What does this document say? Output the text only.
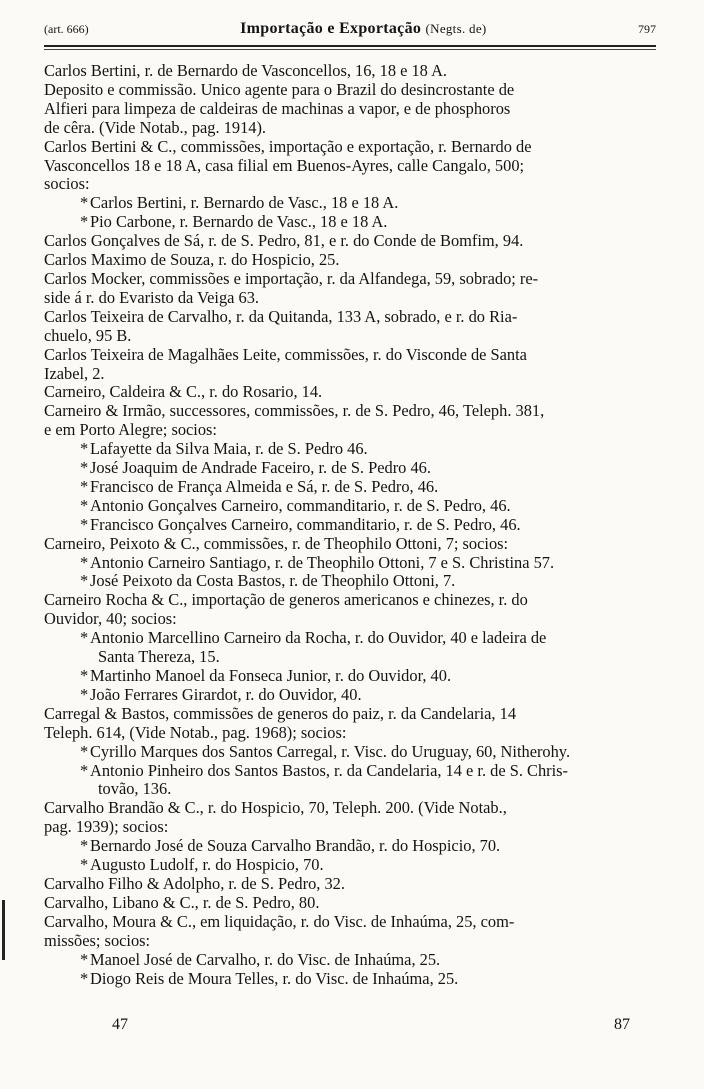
(art. 666)	Importação e Exportação (Negts. de)	797
Carlos Bertini, r. de Bernardo de Vasconcellos, 16, 18 e 18 A.
Deposito e commissão. Unico agente para o Brazil do desincrostante de
Alfieri para limpeza de caldeiras de machinas a vapor, e de phosphoros
de cêra. (Vide Notab., pag. 1914).
Carlos Bertini & C., commissões, importação e exportação, r. Bernardo de
Vasconcellos 18 e 18 A, casa filial em Buenos-Ayres, calle Cangalo, 500;
socios:
* Carlos Bertini, r. Bernardo de Vasc., 18 e 18 A.
* Pio Carbone, r. Bernardo de Vasc., 18 e 18 A.
Carlos Gonçalves de Sá, r. de S. Pedro, 81, e r. do Conde de Bomfim, 94.
Carlos Maximo de Souza, r. do Hospicio, 25.
Carlos Mocker, commissões e importação, r. da Alfandega, 59, sobrado; re-
side á r. do Evaristo da Veiga 63.
Carlos Teixeira de Carvalho, r. da Quitanda, 133 A, sobrado, e r. do Ria-
chuelo, 95 B.
Carlos Teixeira de Magalhães Leite, commissões, r. do Visconde de Santa
Izabel, 2.
Carneiro, Caldeira & C., r. do Rosario, 14.
Carneiro & Irmão, successores, commissões, r. de S. Pedro, 46, Teleph. 381,
e em Porto Alegre; socios:
* Lafayette da Silva Maia, r. de S. Pedro 46.
* José Joaquim de Andrade Faceiro, r. de S. Pedro 46.
* Francisco de França Almeida e Sá, r. de S. Pedro, 46.
* Antonio Gonçalves Carneiro, commanditario, r. de S. Pedro, 46.
* Francisco Gonçalves Carneiro, commanditario, r. de S. Pedro, 46.
Carneiro, Peixoto & C., commissões, r. de Theophilo Ottoni, 7; socios:
* Antonio Carneiro Santiago, r. de Theophilo Ottoni, 7 e S. Christina 57.
* José Peixoto da Costa Bastos, r. de Theophilo Ottoni, 7.
Carneiro Rocha & C., importação de generos americanos e chinezes, r. do
Ouvidor, 40; socios:
* Antonio Marcellino Carneiro da Rocha, r. do Ouvidor, 40 e ladeira de
Santa Thereza, 15.
* Martinho Manoel da Fonseca Junior, r. do Ouvidor, 40.
* João Ferrares Girardot, r. do Ouvidor, 40.
Carregal & Bastos, commissões de generos do paiz, r. da Candelaria, 14
Teleph. 614, (Vide Notab., pag. 1968); socios:
* Cyrillo Marques dos Santos Carregal, r. Visc. do Uruguay, 60, Nitherohy.
* Antonio Pinheiro dos Santos Bastos, r. da Candelaria, 14 e r. de S. Chris-
tovão, 136.
Carvalho Brandão & C., r. do Hospicio, 70, Teleph. 200. (Vide Notab.,
pag. 1939); socios:
* Bernardo José de Souza Carvalho Brandão, r. do Hospicio, 70.
* Augusto Ludolf, r. do Hospicio, 70.
Carvalho Filho & Adolpho, r. de S. Pedro, 32.
Carvalho, Libano & C., r. de S. Pedro, 80.
Carvalho, Moura & C., em liquidação, r. do Visc. de Inhaúma, 25, com-
missões; socios:
* Manoel José de Carvalho, r. do Visc. de Inhaúma, 25.
* Diogo Reis de Moura Telles, r. do Visc. de Inhaúma, 25.
47	87
